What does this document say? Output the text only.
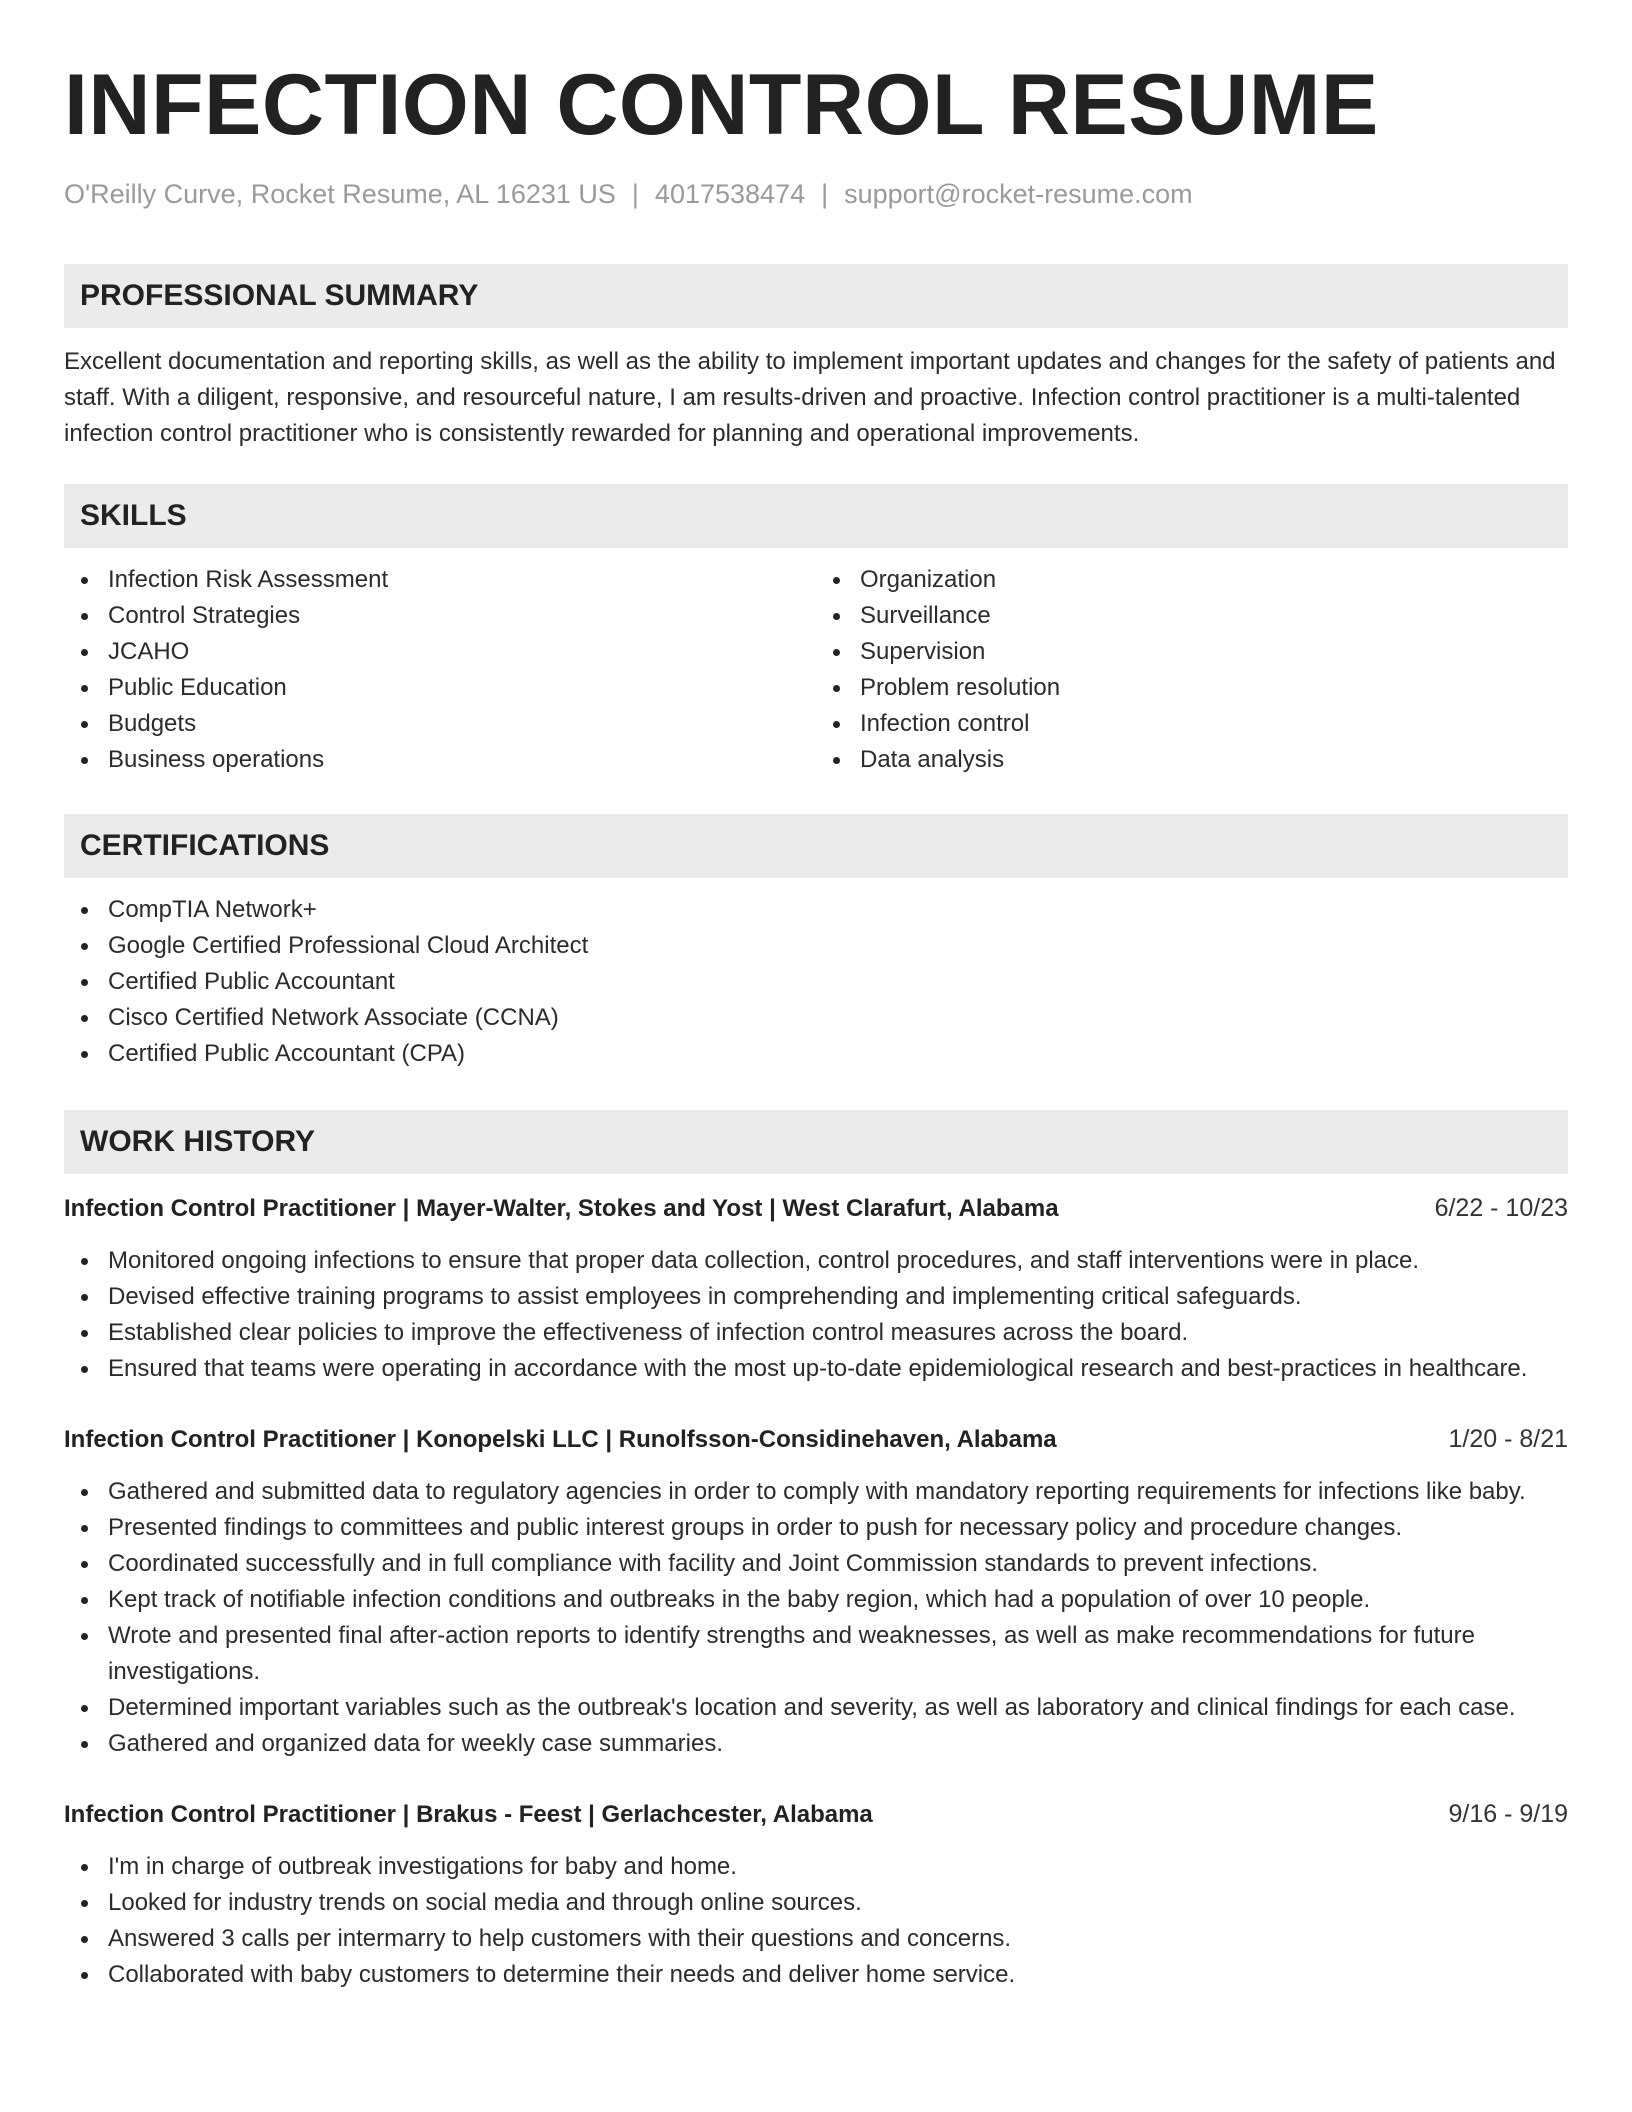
INFECTION CONTROL RESUME
O'Reilly Curve, Rocket Resume, AL 16231 US | 4017538474 | support@rocket-resume.com
PROFESSIONAL SUMMARY
Excellent documentation and reporting skills, as well as the ability to implement important updates and changes for the safety of patients and staff. With a diligent, responsive, and resourceful nature, I am results-driven and proactive. Infection control practitioner is a multi-talented infection control practitioner who is consistently rewarded for planning and operational improvements.
SKILLS
Infection Risk Assessment
Control Strategies
JCAHO
Public Education
Budgets
Business operations
Organization
Surveillance
Supervision
Problem resolution
Infection control
Data analysis
CERTIFICATIONS
CompTIA Network+
Google Certified Professional Cloud Architect
Certified Public Accountant
Cisco Certified Network Associate (CCNA)
Certified Public Accountant (CPA)
WORK HISTORY
Infection Control Practitioner | Mayer-Walter, Stokes and Yost | West Clarafurt, Alabama	6/22 - 10/23
Monitored ongoing infections to ensure that proper data collection, control procedures, and staff interventions were in place.
Devised effective training programs to assist employees in comprehending and implementing critical safeguards.
Established clear policies to improve the effectiveness of infection control measures across the board.
Ensured that teams were operating in accordance with the most up-to-date epidemiological research and best-practices in healthcare.
Infection Control Practitioner | Konopelski LLC | Runolfsson-Considinehaven, Alabama	1/20 - 8/21
Gathered and submitted data to regulatory agencies in order to comply with mandatory reporting requirements for infections like baby.
Presented findings to committees and public interest groups in order to push for necessary policy and procedure changes.
Coordinated successfully and in full compliance with facility and Joint Commission standards to prevent infections.
Kept track of notifiable infection conditions and outbreaks in the baby region, which had a population of over 10 people.
Wrote and presented final after-action reports to identify strengths and weaknesses, as well as make recommendations for future investigations.
Determined important variables such as the outbreak's location and severity, as well as laboratory and clinical findings for each case.
Gathered and organized data for weekly case summaries.
Infection Control Practitioner | Brakus - Feest | Gerlachcester, Alabama	9/16 - 9/19
I'm in charge of outbreak investigations for baby and home.
Looked for industry trends on social media and through online sources.
Answered 3 calls per intermarry to help customers with their questions and concerns.
Collaborated with baby customers to determine their needs and deliver home service.
